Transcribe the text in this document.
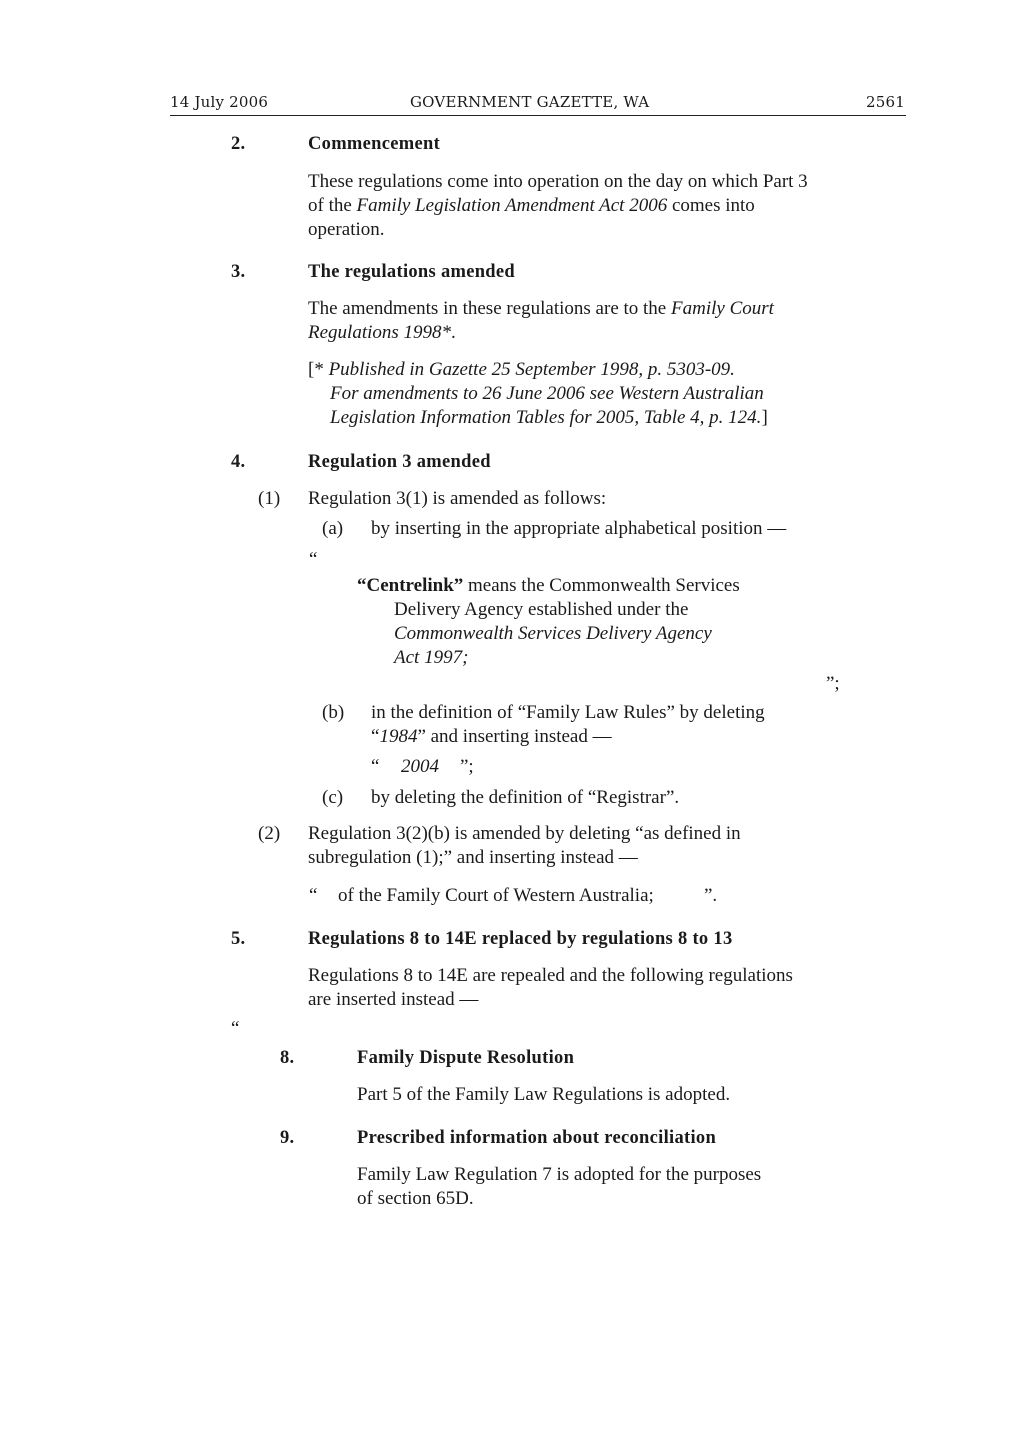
14 July 2006	GOVERNMENT GAZETTE, WA	2561
2.	Commencement
These regulations come into operation on the day on which Part 3
of the Family Legislation Amendment Act 2006 comes into
operation.
3.	The regulations amended
The amendments in these regulations are to the Family Court
Regulations 1998*.
[* Published in Gazette 25 September 1998, p. 5303-09.
For amendments to 26 June 2006 see Western Australian
Legislation Information Tables for 2005, Table 4, p. 124.]
4.	Regulation 3 amended
(1) Regulation 3(1) is amended as follows:
(a) by inserting in the appropriate alphabetical position —
“
“Centrelink” means the Commonwealth Services
Delivery Agency established under the
Commonwealth Services Delivery Agency
Act 1997;
”;
(b) in the definition of “Family Law Rules” by deleting
“1984” and inserting instead —
“ 2004 ”;
(c) by deleting the definition of “Registrar”.
(2) Regulation 3(2)(b) is amended by deleting “as defined in
subregulation (1);” and inserting instead —
“ of the Family Court of Western Australia;	”.
5.	Regulations 8 to 14E replaced by regulations 8 to 13
Regulations 8 to 14E are repealed and the following regulations
are inserted instead —
“
8.	Family Dispute Resolution
Part 5 of the Family Law Regulations is adopted.
9.	Prescribed information about reconciliation
Family Law Regulation 7 is adopted for the purposes
of section 65D.
